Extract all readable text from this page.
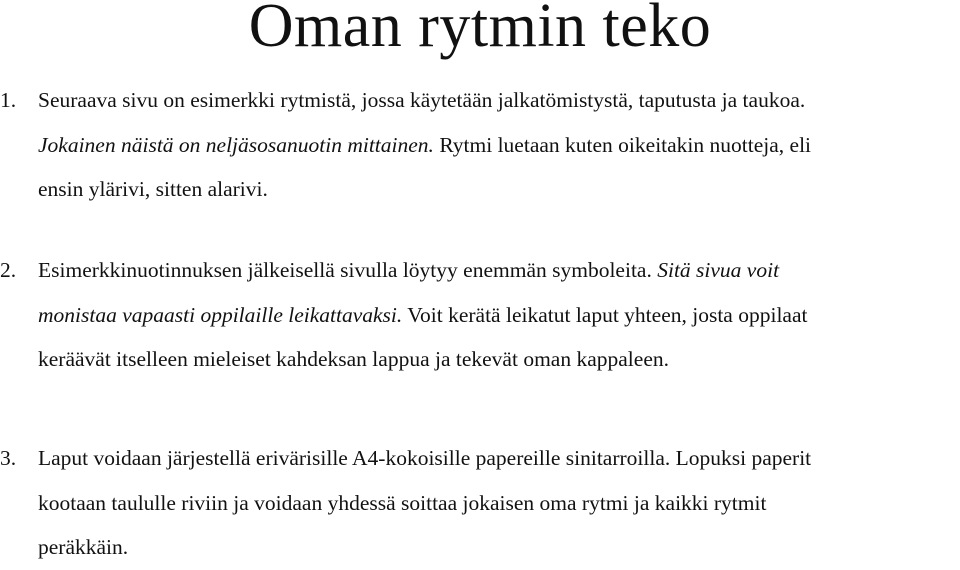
Oman rytmin teko
1.	Seuraava sivu on esimerkki rytmistä, jossa käytetään jalkatömistystä, taputusta ja taukoa.
Jokainen näistä on neljäsosanuotin mittainen. Rytmi luetaan kuten oikeitakin nuotteja, eli
ensin ylärivi, sitten alarivi.
2.	Esimerkkinuotinnuksen jälkeisellä sivulla löytyy enemmän symboleita. Sitä sivua voit
monistaa vapaasti oppilaille leikattavaksi. Voit kerätä leikatut laput yhteen, josta oppilaat
keräävät itselleen mieleiset kahdeksan lappua ja tekevät oman kappaleen.
3.	Laput voidaan järjestellä erivärisille A4-kokoisille papereille sinitarroilla. Lopuksi paperit
kootaan taululle riviin ja voidaan yhdessä soittaa jokaisen oma rytmi ja kaikki rytmit
peräkkäin.
